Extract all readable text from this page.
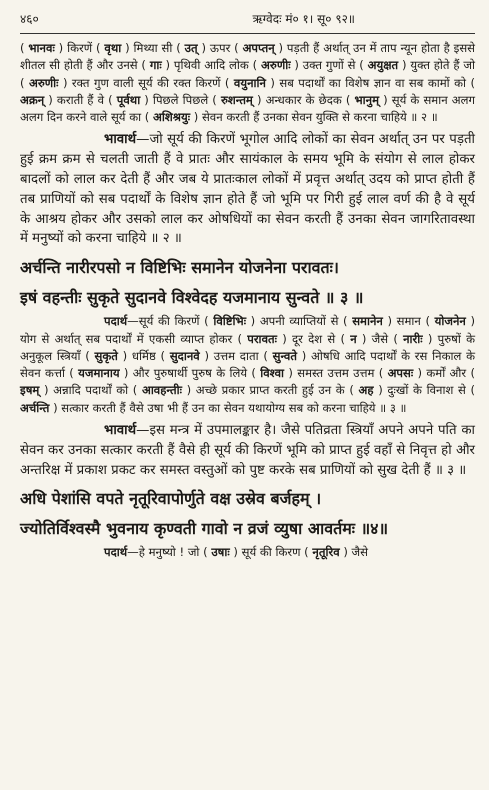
४६०	ऋग्वेदः मं० १। सू० ९२॥

( भानवः ) किरणें ( वृथा ) मिथ्या सी ( उत् ) ऊपर ( अपप्तन् ) पड़ती हैं अर्थात् उन में ताप न्यून होता है इससे शीतल सी होती हैं और उनसे ( गाः ) पृथिवी आदि लोक ( अरुणीः ) उक्त गुणों से ( अयुक्षत ) युक्त होते हैं जो ( अरुणीः ) रक्त गुण वाली सूर्य की रक्त किरणें ( वयुनानि ) सब पदार्थों का विशेष ज्ञान वा सब कामों को ( अक्रन् ) कराती हैं वे ( पूर्वथा ) पिछले पिछले ( रुशन्तम् ) अन्धकार के छेदक ( भानुम् ) सूर्य के समान अलग अलग दिन करने वाले सूर्य का ( अशिश्रयुः ) सेवन करती हैं उनका सेवन युक्ति से करना चाहिये ॥ २ ॥

भावार्थ—जो सूर्य की किरणें भूगोल आदि लोकों का सेवन अर्थात् उन पर पड़ती हुई क्रम क्रम से चलती जाती हैं वे प्रातः और सायंकाल के समय भूमि के संयोग से लाल होकर बादलों को लाल कर देती हैं और जब ये प्रातःकाल लोकों में प्रवृत्त अर्थात् उदय को प्राप्त होती हैं तब प्राणियों को सब पदार्थों के विशेष ज्ञान होते हैं जो भूमि पर गिरी हुई लाल वर्ण की है वे सूर्य के आश्रय होकर और उसको लाल कर ओषधियों का सेवन करती हैं उनका सेवन जागरितावस्था में मनुष्यों को करना चाहिये ॥ २ ॥

अर्चन्ति नारीरपसो न विष्टिभिः समानेन योजनेना परावतः।
इषं वहन्तीः सुकृते सुदानवे विश्वेदह यजमानाय सुन्वते ॥ ३ ॥

पदार्थ—सूर्य की किरणें ( विष्टिभिः ) अपनी व्याप्तियों से ( समानेन ) समान ( योजनेन ) योग से अर्थात् सब पदार्थों में एकसी व्याप्त होकर ( परावतः ) दूर देश से ( न ) जैसे ( नारीः ) पुरुषों के अनुकूल स्त्रियाँ ( सुकृते ) धर्मिष्ठ ( सुदानवे ) उत्तम दाता ( सुन्वते ) ओषधि आदि पदार्थों के रस निकाल के सेवन कर्त्ता ( यजमानाय ) और पुरुषार्थी पुरुष के लिये ( विश्वा ) समस्त उत्तम उत्तम ( अपसः ) कर्मों और ( इषम् ) अन्नादि पदार्थों को ( आवहन्तीः ) अच्छे प्रकार प्राप्त करती हुई उन के ( अह ) दुःखों के विनाश से ( अर्चन्ति ) सत्कार करती हैं वैसे उषा भी हैं उन का सेवन यथायोग्य सब को करना चाहिये ॥ ३ ॥

भावार्थ—इस मन्त्र में उपमालङ्कार है। जैसे पतिव्रता स्त्रियाँ अपने अपने पति का सेवन कर उनका सत्कार करती हैं वैसे ही सूर्य की किरणें भूमि को प्राप्त हुई वहाँ से निवृत्त हो और अन्तरिक्ष में प्रकाश प्रकट कर समस्त वस्तुओं को पुष्ट करके सब प्राणियों को सुख देती हैं ॥ ३ ॥

अधि पेशांसि वपते नृतूरिवापोर्णुते वक्ष उस्रेव बर्जहम् ।
ज्योतिर्विश्वस्मै भुवनाय कृण्वती गावो न व्रजं व्युषा आवर्तमः ॥४॥

पदार्थ—हे मनुष्यो ! जो ( उषाः ) सूर्य की किरण ( नृतूरिव ) जैसे
